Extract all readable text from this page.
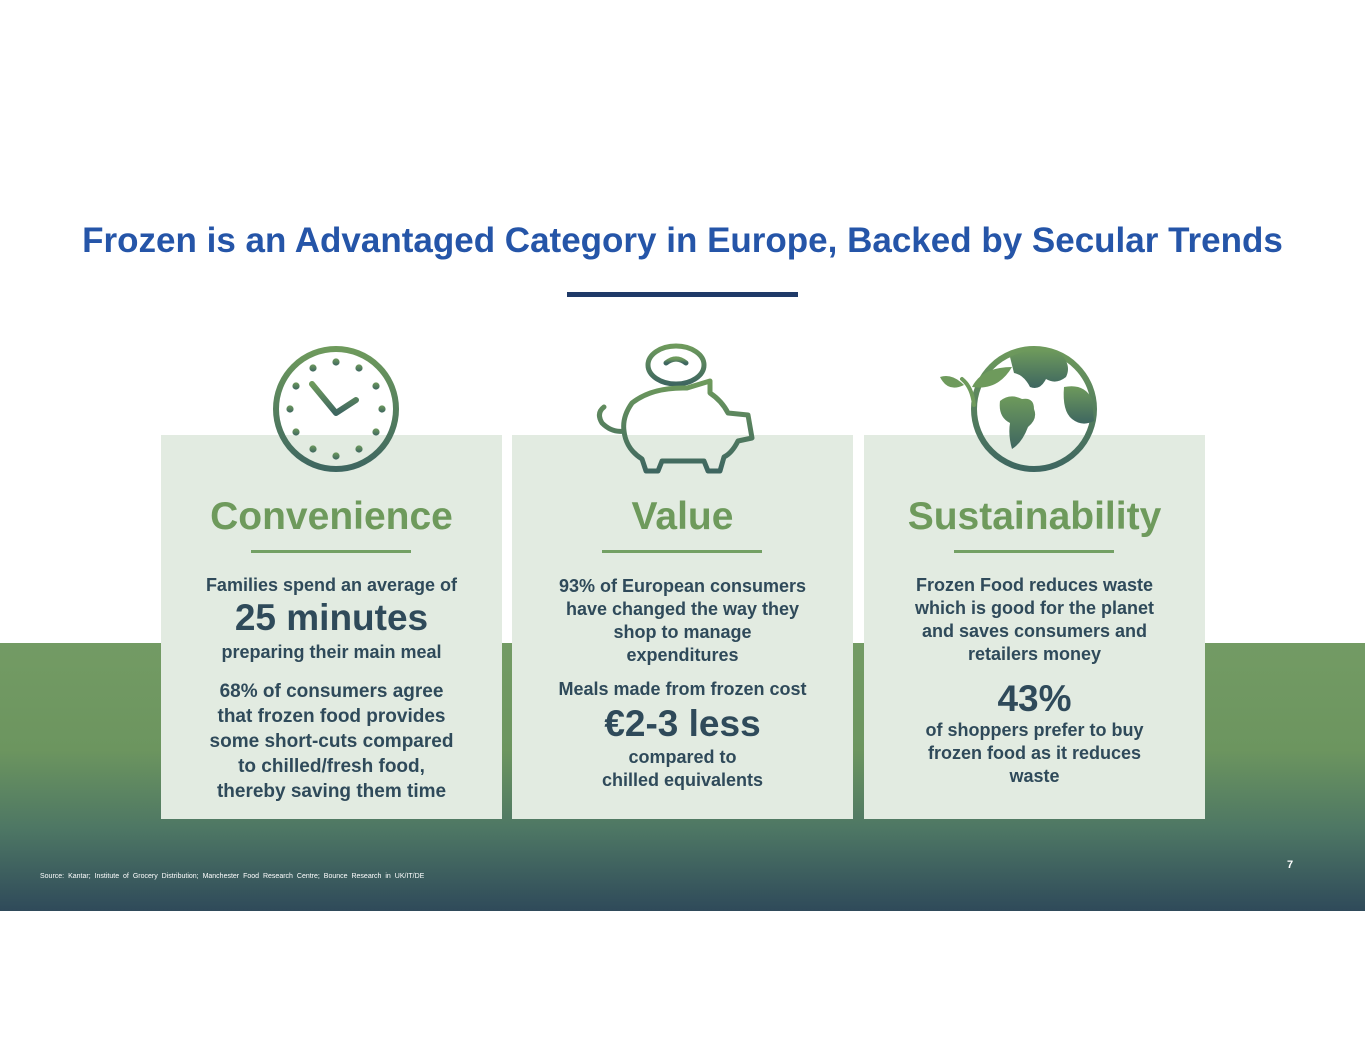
Frozen is an Advantaged Category in Europe, Backed by Secular Trends
Convenience
Families spend an average of
25 minutes
preparing their main meal
68% of consumers agree
that frozen food provides
some short-cuts compared
to chilled/fresh food,
thereby saving them time
Value
93% of European consumers
have changed the way they
shop to manage
expenditures
Meals made from frozen cost
€2-3 less
compared to
chilled equivalents
Sustainability
Frozen Food reduces waste
which is good for the planet
and saves consumers and
retailers money
43%
of shoppers prefer to buy
frozen food as it reduces
waste
Source: Kantar; Institute of Grocery Distribution; Manchester Food Research Centre; Bounce Research in UK/IT/DE
7
